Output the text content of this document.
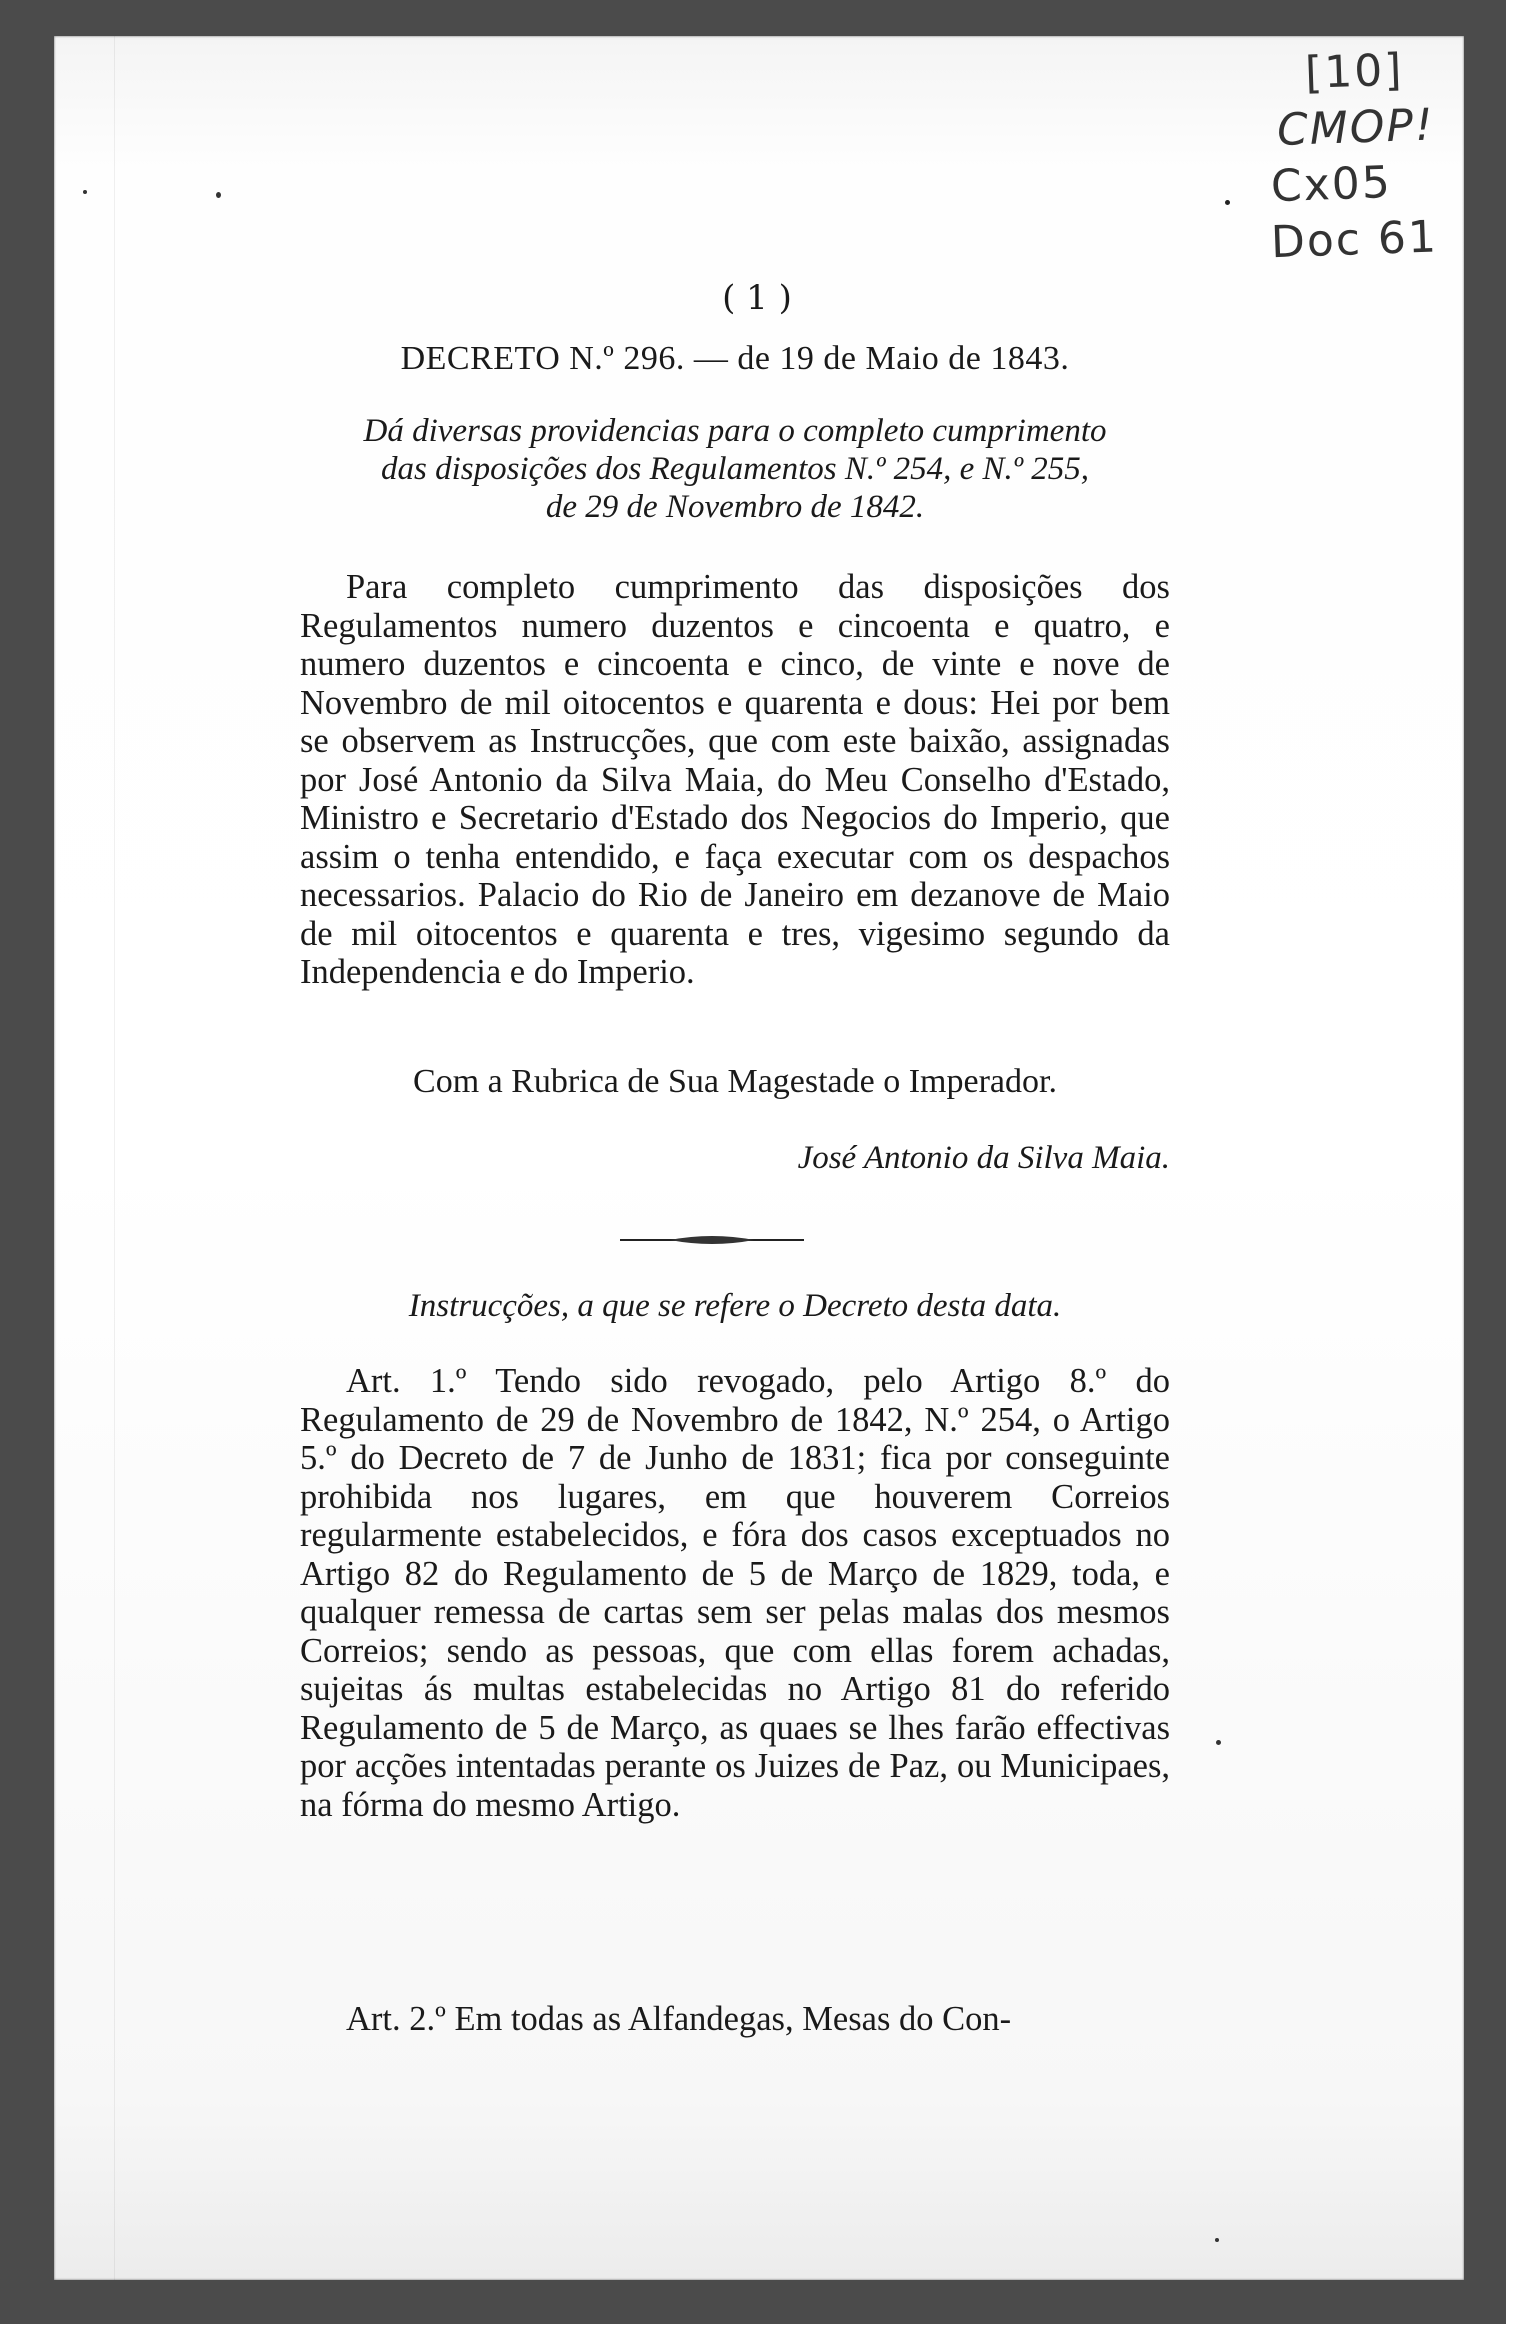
[10]
CMOP!
Cx05
Doc 61
( 1 )
DECRETO N.º 296. — de 19 de Maio de 1843.
Dá diversas providencias para o completo cumprimento
das disposições dos Regulamentos N.º 254, e N.º 255,
de 29 de Novembro de 1842.
Para completo cumprimento das disposições dos Regulamentos numero duzentos e cincoenta e quatro, e numero duzentos e cincoenta e cinco, de vinte e nove de Novembro de mil oitocentos e quarenta e dous: Hei por bem se observem as Instrucções, que com este baixão, assignadas por José Antonio da Silva Maia, do Meu Conselho d'Estado, Ministro e Secretario d'Estado dos Negocios do Imperio, que assim o tenha entendido, e faça executar com os despachos necessarios. Palacio do Rio de Janeiro em dezanove de Maio de mil oitocentos e quarenta e tres, vigesimo segundo da Independencia e do Imperio.
Com a Rubrica de Sua Magestade o Imperador.
José Antonio da Silva Maia.
Instrucções, a que se refere o Decreto desta data.
Art. 1.º Tendo sido revogado, pelo Artigo 8.º do Regulamento de 29 de Novembro de 1842, N.º 254, o Artigo 5.º do Decreto de 7 de Junho de 1831; fica por conseguinte prohibida nos lugares, em que houverem Correios regularmente estabelecidos, e fóra dos casos exceptuados no Artigo 82 do Regulamento de 5 de Março de 1829, toda, e qualquer remessa de cartas sem ser pelas malas dos mesmos Correios; sendo as pessoas, que com ellas forem achadas, sujeitas ás multas estabelecidas no Artigo 81 do referido Regulamento de 5 de Março, as quaes se lhes farão effectivas por acções intentadas perante os Juizes de Paz, ou Municipaes, na fórma do mesmo Artigo.
Art. 2.º Em todas as Alfandegas, Mesas do Con-
